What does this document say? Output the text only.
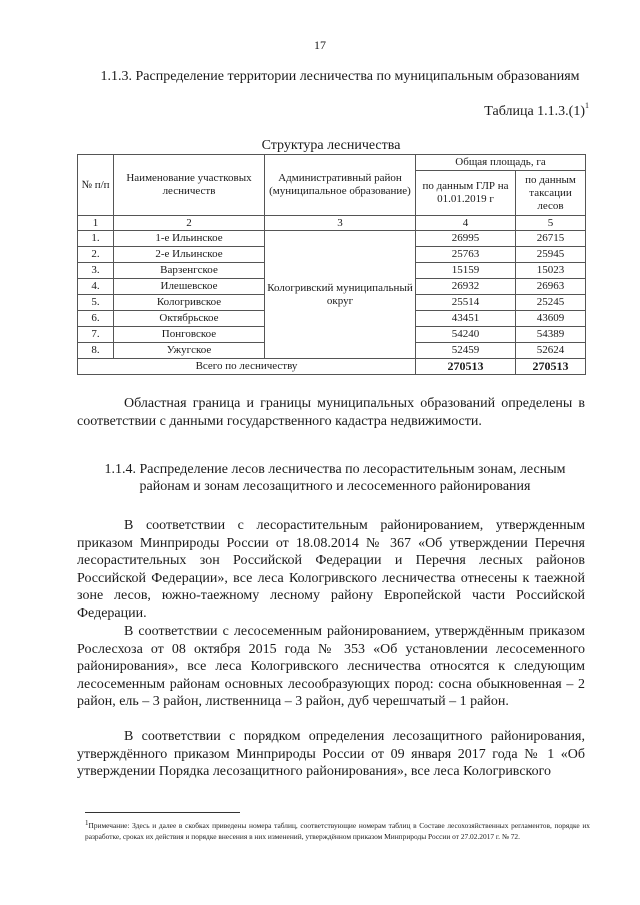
17
1.1.3. Распределение территории лесничества по муниципальным образованиям
Таблица $1.1.3.(1)^1$
Структура лесничества
№ п/п	Наименование участковых лесничеств	Административный район (муниципальное образование)	Общая площадь, га	
			по данным ГЛР на 01.01.2019 г	по данным таксации лесов
1	2	3	4	5
1.	1-е Ильинское	Кологривский муниципальный округ	26995	26715
2.	2-е Ильинское		25763	25945
3.	Варзенгское		15159	15023
4.	Илешевское		26932	26963
5.	Кологривское		25514	25245
6.	Октябрьское		43451	43609
7.	Понговское		54240	54389
8.	Ужугское		52459	52624
Всего по лесничеству			270513	270513
Областная граница и границы муниципальных образований определены в соответствии с данными государственного кадастра недвижимости.
1.1.4. Распределение лесов лесничества по лесорастительным зонам, лесным районам и зонам лесозащитного и лесосеменного районирования
В соответствии с лесорастительным районированием, утвержденным приказом Минприроды России от 18.08.2014 № 367 «Об утверждении Перечня лесорастительных зон Российской Федерации и Перечня лесных районов Российской Федерации», все леса Кологривского лесничества отнесены к таежной зоне лесов, южно-таежному лесному району Европейской части Российской Федерации.
В соответствии с лесосеменным районированием, утверждённым приказом Рослесхоза от 08 октября 2015 года № 353 «Об установлении лесосеменного районирования», все леса Кологривского лесничества относятся к следующим лесосеменным районам основных лесообразующих пород: сосна обыкновенная – 2 район, ель – 3 район, лиственница – 3 район, дуб черешчатый – 1 район.
В соответствии с порядком определения лесозащитного районирования, утверждённого приказом Минприроды России от 09 января 2017 года № 1 «Об утверждении Порядка лесозащитного районирования», все леса Кологривского
$^1$Примечание: Здесь и далее в скобках приведены номера таблиц, соответствующие номерам таблиц в Составе лесохозяйственных регламентов, порядке их разработке, сроках их действия и порядке внесения в них изменений, утверждённом приказом Минприроды России от 27.02.2017 г. № 72.
